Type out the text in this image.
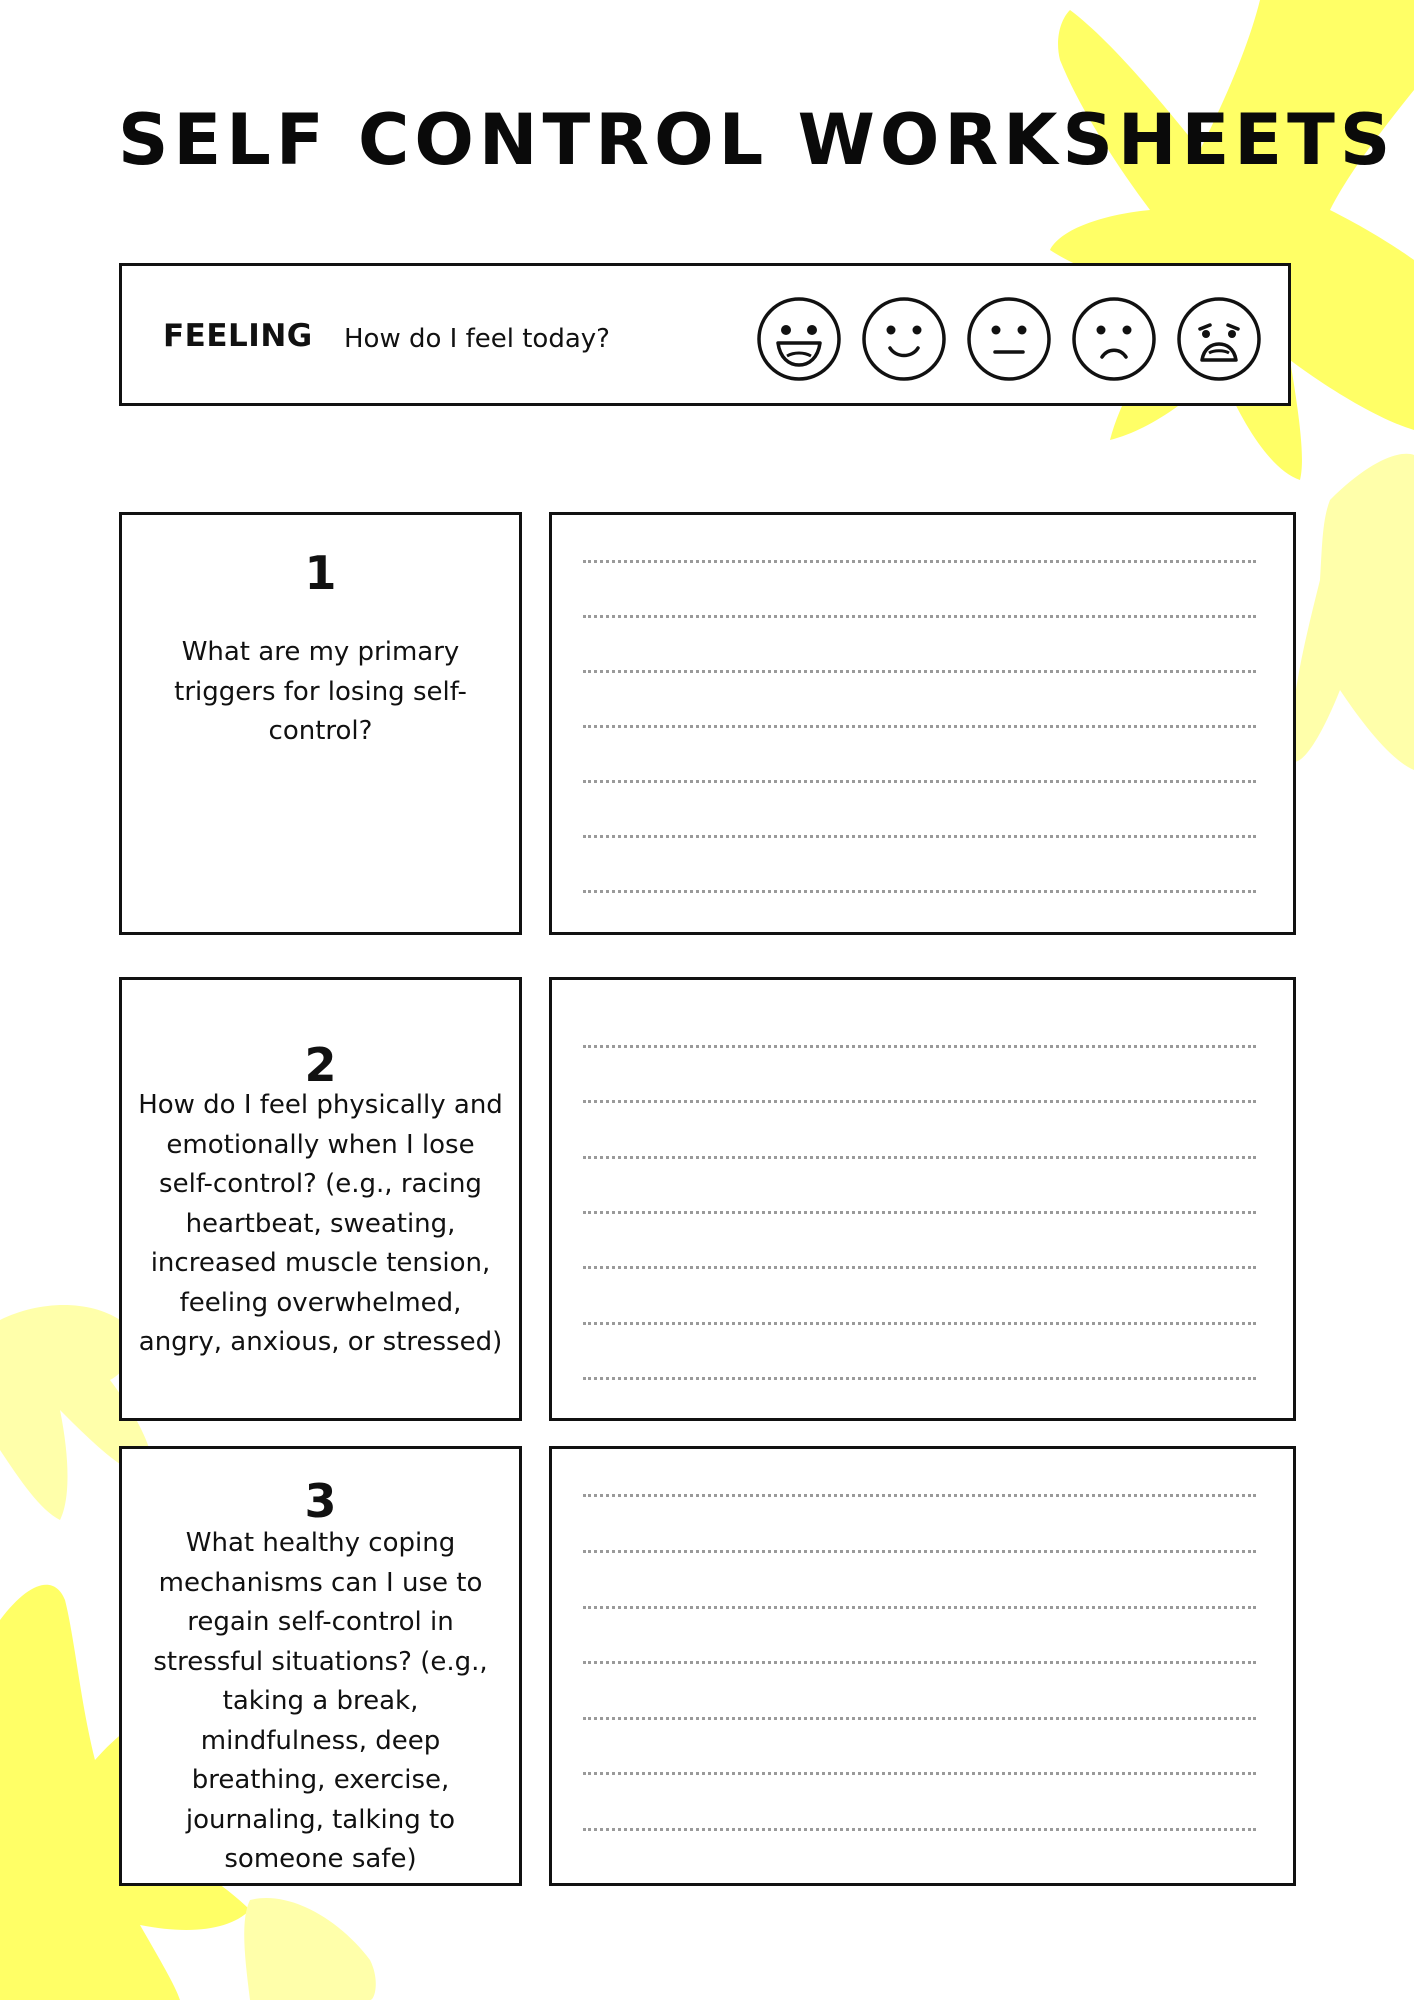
SELF CONTROL WORKSHEETS
FEELING How do I feel today?
1
What are my primary triggers for losing self-control?
2
How do I feel physically and emotionally when I lose self-control? (e.g., racing heartbeat, sweating, increased muscle tension, feeling overwhelmed, angry, anxious, or stressed)
3
What healthy coping mechanisms can I use to regain self-control in stressful situations? (e.g., taking a break, mindfulness, deep breathing, exercise, journaling, talking to someone safe)
